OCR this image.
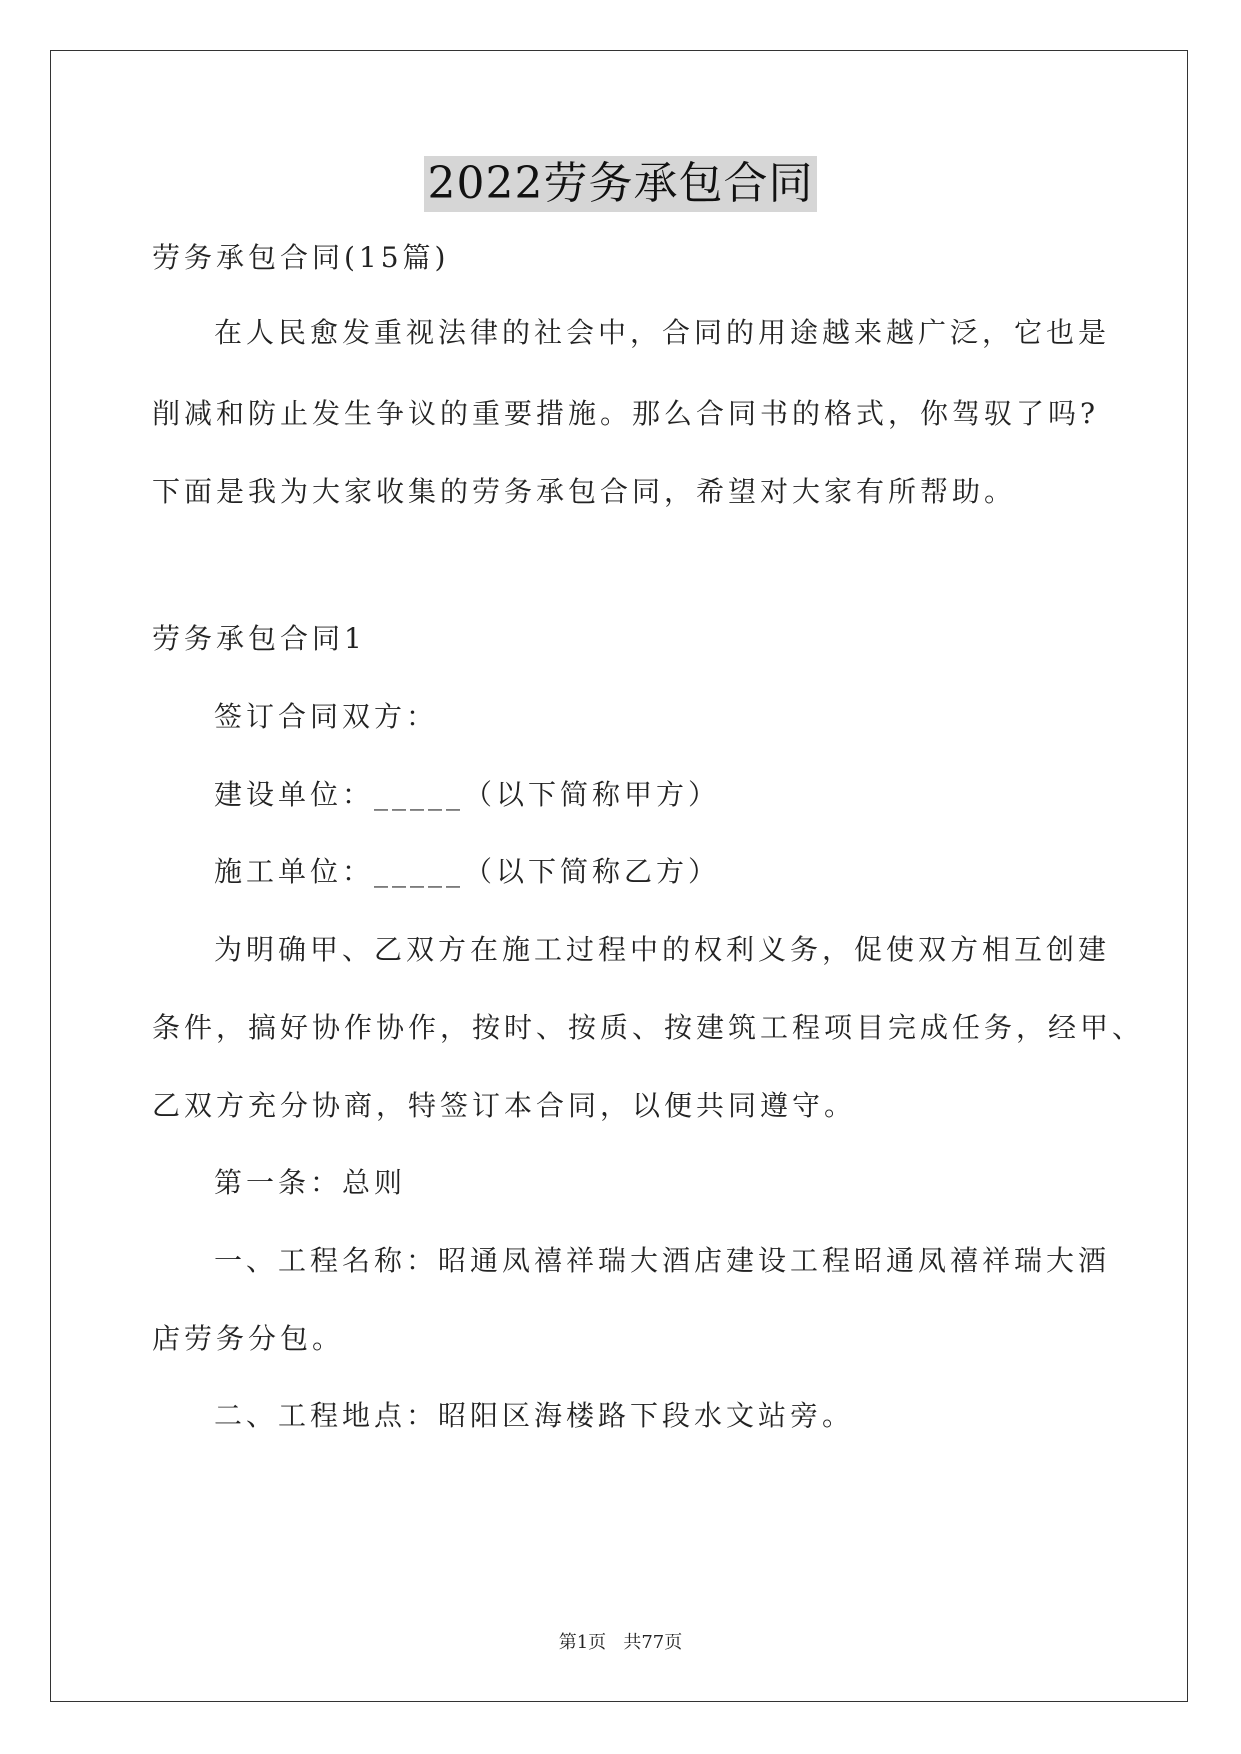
2022劳务承包合同
劳务承包合同(15篇)
在人民愈发重视法律的社会中，合同的用途越来越广泛，它也是
削减和防止发生争议的重要措施。那么合同书的格式，你驾驭了吗?
下面是我为大家收集的劳务承包合同，希望对大家有所帮助。
劳务承包合同1
签订合同双方：
建设单位：_____（以下简称甲方）
施工单位：_____（以下简称乙方）
为明确甲、乙双方在施工过程中的权利义务，促使双方相互创建
条件，搞好协作协作，按时、按质、按建筑工程项目完成任务，经甲、
乙双方充分协商，特签订本合同，以便共同遵守。
第一条：总则
一、工程名称：昭通凤禧祥瑞大酒店建设工程昭通凤禧祥瑞大酒
店劳务分包。
二、工程地点：昭阳区海楼路下段水文站旁。
第1页   共77页
